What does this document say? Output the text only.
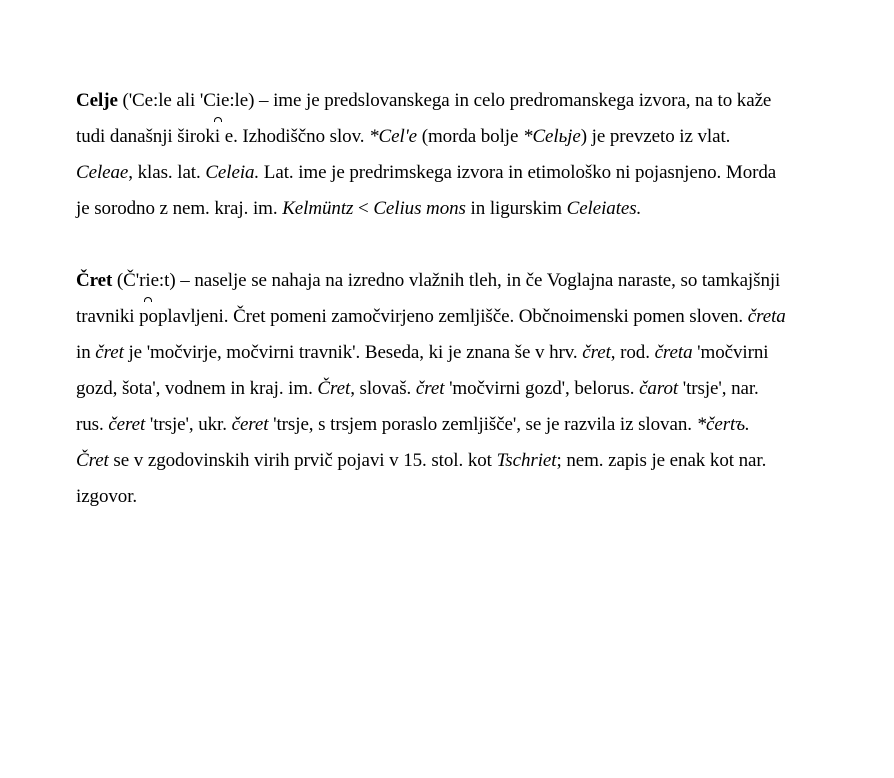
Celje ('Ce:le ali 'Cie:le) – ime je predslovanskega in celo predromanskega izvora, na to kaže
tudi današnji široki e. Izhodiščno slov. *Cel'e (morda bolje *Celьje) je prevzeto iz vlat.
Celeae, klas. lat. Celeia. Lat. ime je predrimskega izvora in etimološko ni pojasnjeno. Morda
je sorodno z nem. kraj. im. Kelmüntz < Celius mons in ligurskim Celeiates.
Čret (Č'rie:t) – naselje se nahaja na izredno vlažnih tleh, in če Voglajna naraste, so tamkajšnji
travniki poplavljeni. Čret pomeni zamočvirjeno zemljišče. Občnoimenski pomen sloven. čreta
in čret je 'močvirje, močvirni travnik'. Beseda, ki je znana še v hrv. čret, rod. čreta 'močvirni
gozd, šota', vodnem in kraj. im. Čret, slovaš. čret 'močvirni gozd', belorus. čarot 'trsje', nar.
rus. čeret 'trsje', ukr. čeret 'trsje, s trsjem poraslo zemljišče', se je razvila iz slovan. *čertъ.
Čret se v zgodovinskih virih prvič pojavi v 15. stol. kot Tschriet; nem. zapis je enak kot nar.
izgovor.
